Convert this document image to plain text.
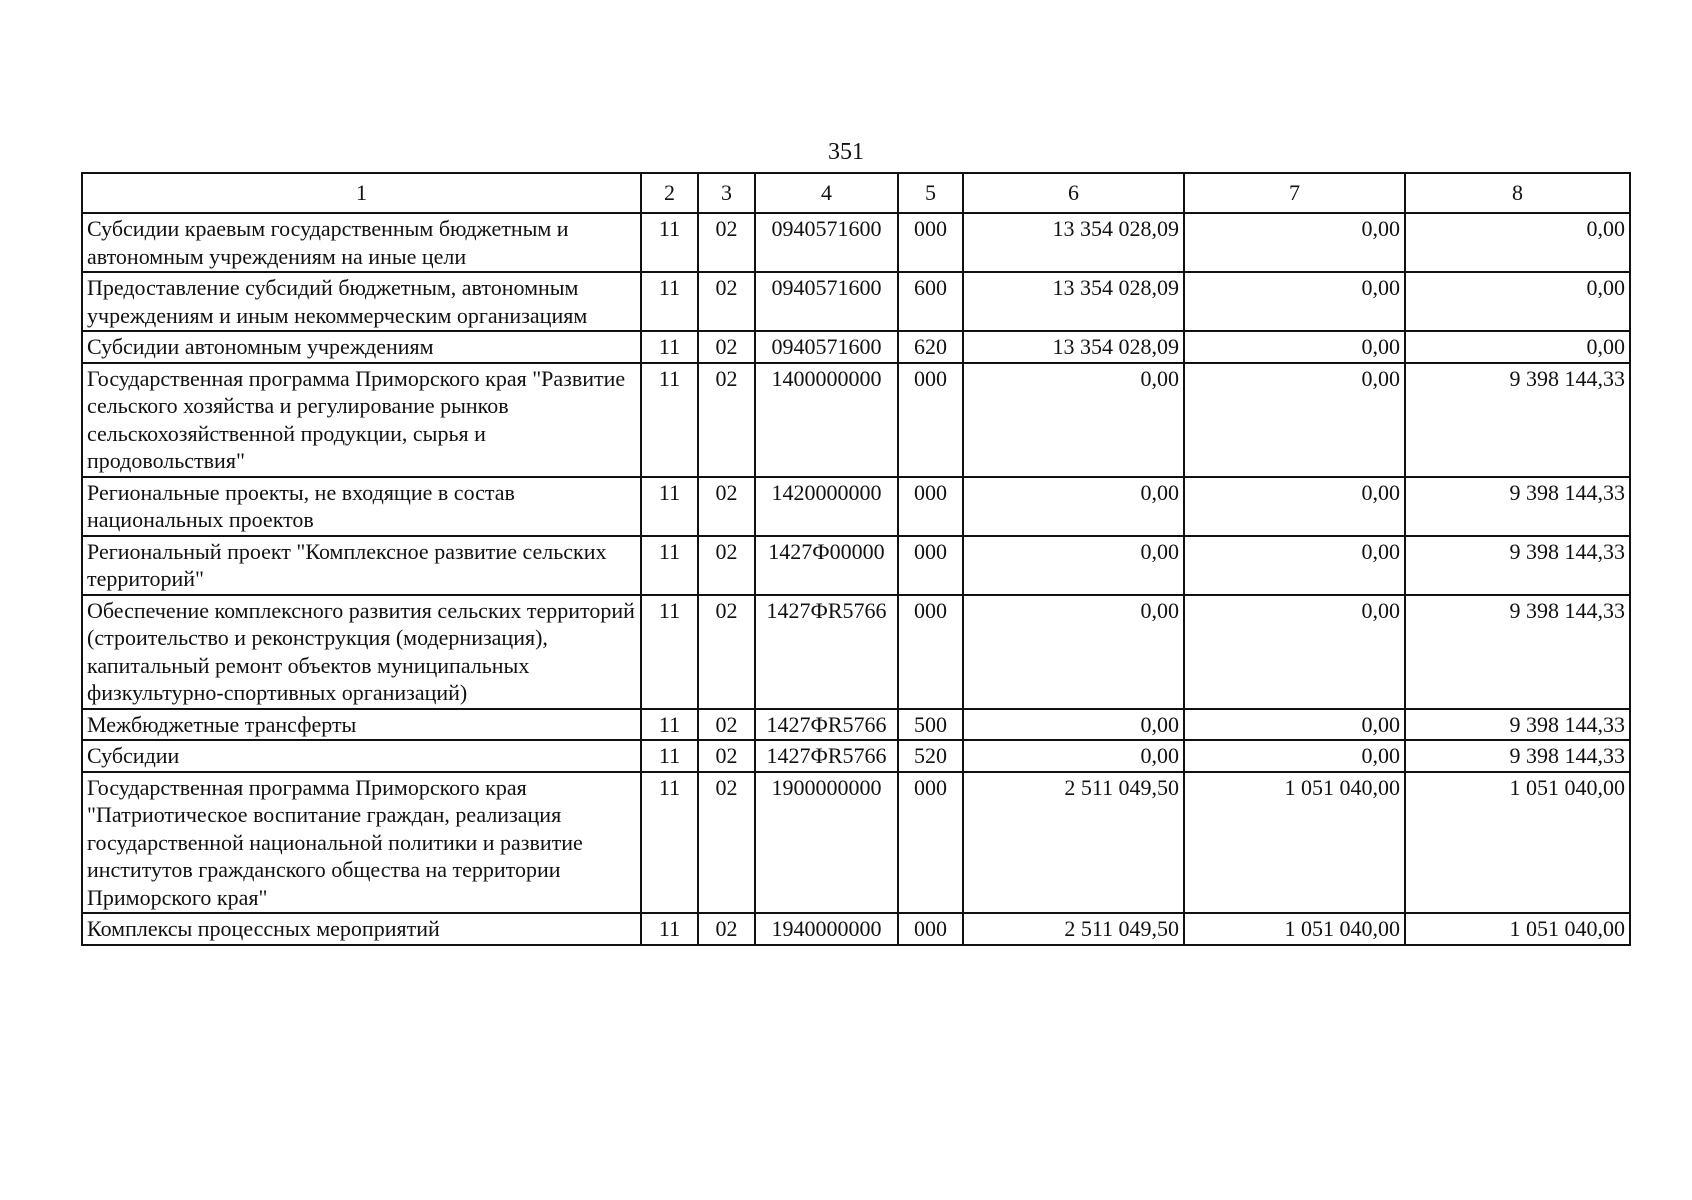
351
1	2	3	4	5	6	7	8
Субсидии краевым государственным бюджетным и автономным учреждениям на иные цели	11	02	0940571600	000	13 354 028,09	0,00	0,00
Предоставление субсидий бюджетным, автономным учреждениям и иным некоммерческим организациям	11	02	0940571600	600	13 354 028,09	0,00	0,00
Субсидии автономным учреждениям	11	02	0940571600	620	13 354 028,09	0,00	0,00
Государственная программа Приморского края "Развитие сельского хозяйства и регулирование рынков сельскохозяйственной продукции, сырья и продовольствия"	11	02	1400000000	000	0,00	0,00	9 398 144,33
Региональные проекты, не входящие в состав национальных проектов	11	02	1420000000	000	0,00	0,00	9 398 144,33
Региональный проект "Комплексное развитие сельских территорий"	11	02	1427Ф00000	000	0,00	0,00	9 398 144,33
Обеспечение комплексного развития сельских территорий (строительство и реконструкция (модернизация), капитальный ремонт объектов муниципальных физкультурно-спортивных организаций)	11	02	1427ФR5766	000	0,00	0,00	9 398 144,33
Межбюджетные трансферты	11	02	1427ФR5766	500	0,00	0,00	9 398 144,33
Субсидии	11	02	1427ФR5766	520	0,00	0,00	9 398 144,33
Государственная программа Приморского края "Патриотическое воспитание граждан, реализация государственной национальной политики и развитие институтов гражданского общества на территории Приморского края"	11	02	1900000000	000	2 511 049,50	1 051 040,00	1 051 040,00
Комплексы процессных мероприятий	11	02	1940000000	000	2 511 049,50	1 051 040,00	1 051 040,00
